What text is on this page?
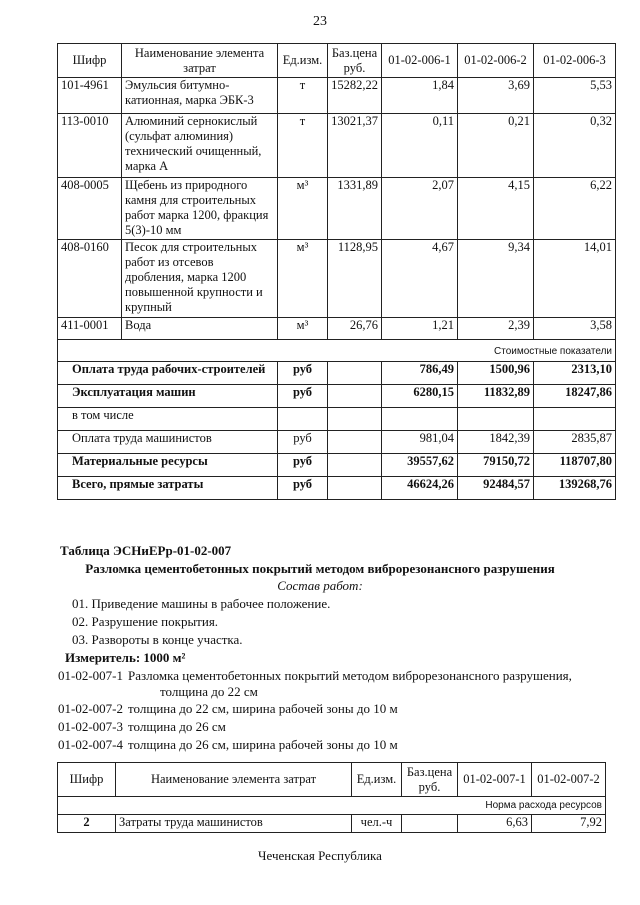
23
Шифр	Наименование элемента затрат	Ед.изм.	Баз.цена руб.	01-02-006-1	01-02-006-2	01-02-006-3
101-4961	Эмульсия битумно-катионная, марка ЭБК-3	т	15282,22	1,84	3,69	5,53
113-0010	Алюминий сернокислый (сульфат алюминия) технический очищенный, марка А	т	13021,37	0,11	0,21	0,32
408-0005	Щебень из природного камня для строительных работ марка 1200, фракция 5(3)-10 мм	м³	1331,89	2,07	4,15	6,22
408-0160	Песок для строительных работ из отсевов дробления, марка 1200 повышенной крупности и крупный	м³	1128,95	4,67	9,34	14,01
411-0001	Вода	м³	26,76	1,21	2,39	3,58
Стоимостные показатели						
Оплата труда рабочих-строителей		руб		786,49	1500,96	2313,10
Эксплуатация машин		руб		6280,15	11832,89	18247,86
в том числе						
Оплата труда машинистов		руб		981,04	1842,39	2835,87
Материальные ресурсы		руб		39557,62	79150,72	118707,80
Всего, прямые затраты		руб		46624,26	92484,57	139268,76
Таблица ЭСНиЕРр-01-02-007
Разломка цементобетонных покрытий методом виброрезонансного разрушения
Состав работ:
01. Приведение машины в рабочее положение.
02. Разрушение покрытия.
03. Развороты в конце участка.
Измеритель: 1000 м²
01-02-007-1 Разломка цементобетонных покрытий методом виброрезонансного разрушения,
толщина до 22 см
01-02-007-2 толщина до 22 см, ширина рабочей зоны до 10 м
01-02-007-3 толщина до 26 см
01-02-007-4 толщина до 26 см, ширина рабочей зоны до 10 м
Шифр	Наименование элемента затрат	Ед.изм.	Баз.цена руб.	01-02-007-1	01-02-007-2
Норма расхода ресурсов					
2	Затраты труда машинистов	чел.-ч		6,63	7,92
Чеченская Республика
